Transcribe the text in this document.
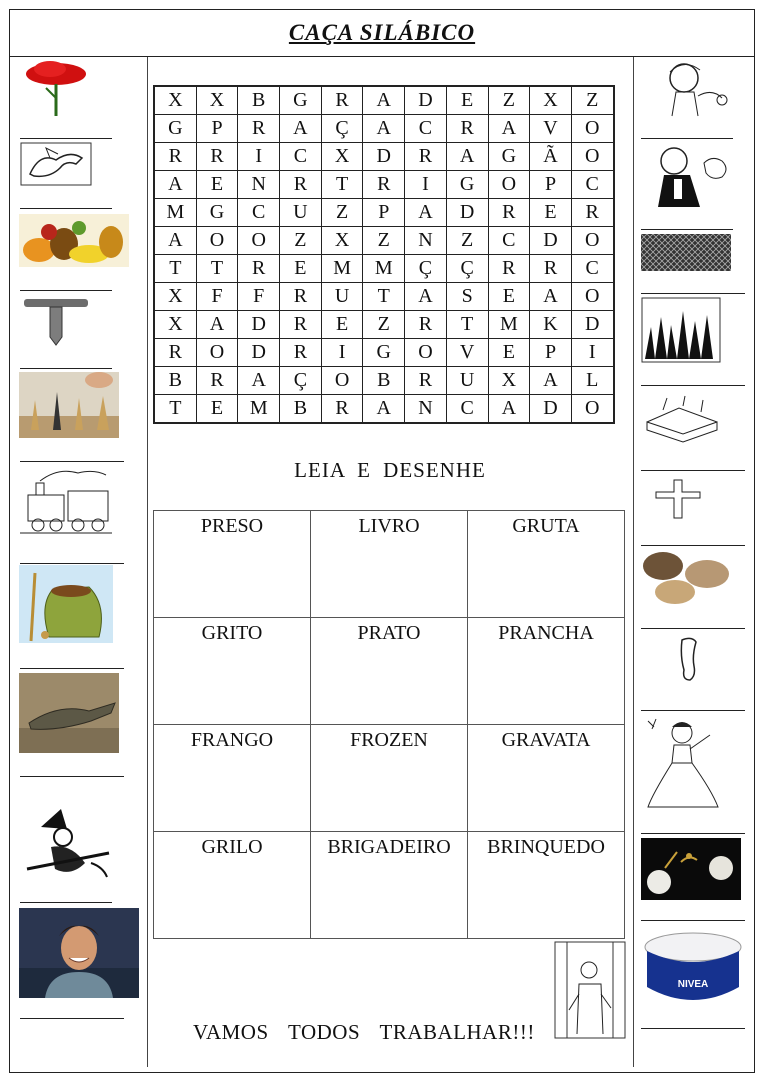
CAÇA SILÁBICO
X	X	B	G	R	A	D	E	Z	X	Z
G	P	R	A	Ç	A	C	R	A	V	O
R	R	I	C	X	D	R	A	G	Ã	O
A	E	N	R	T	R	I	G	O	P	C
M	G	C	U	Z	P	A	D	R	E	R
A	O	O	Z	X	Z	N	Z	C	D	O
T	T	R	E	M	M	Ç	Ç	R	R	C
X	F	F	R	U	T	A	S	E	A	O
X	A	D	R	E	Z	R	T	M	K	D
R	O	D	R	I	G	O	V	E	P	I
B	R	A	Ç	O	B	R	U	X	A	L
T	E	M	B	R	A	N	C	A	D	O
LEIA E DESENHE
PRESO	LIVRO	GRUTA
GRITO	PRATO	PRANCHA
FRANGO	FROZEN	GRAVATA
GRILO	BRIGADEIRO	BRINQUEDO
VAMOS TODOS TRABALHAR!!!
NIVEA
